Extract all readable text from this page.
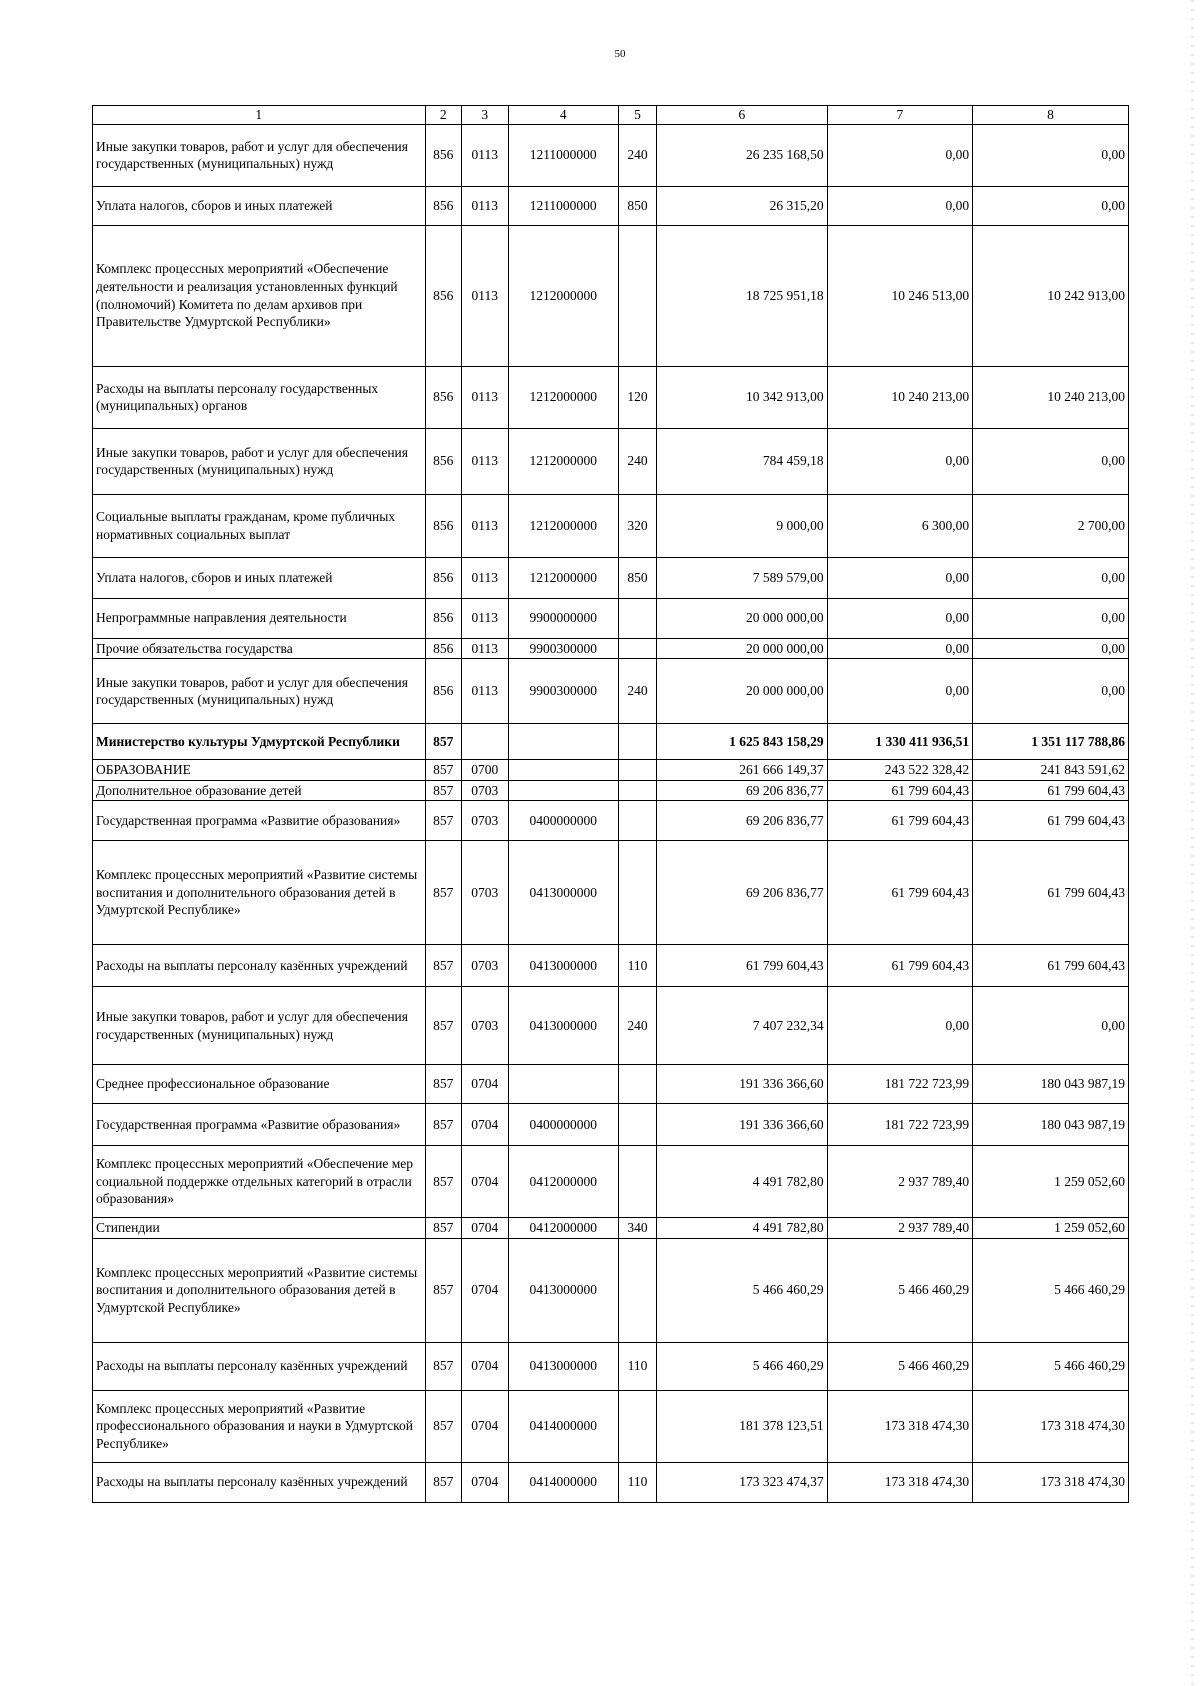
50
1	2	3	4	5	6	7	8
Иные закупки товаров, работ и услуг для обеспечения государственных (муниципальных) нужд	856	0113	1211000000	240	26 235 168,50	0,00	0,00
Уплата налогов, сборов и иных платежей	856	0113	1211000000	850	26 315,20	0,00	0,00
Комплекс процессных мероприятий «Обеспечение деятельности и реализация установленных функций (полномочий) Комитета по делам архивов при Правительстве Удмуртской Республики»	856	0113	1212000000		18 725 951,18	10 246 513,00	10 242 913,00
Расходы на выплаты персоналу государственных (муниципальных) органов	856	0113	1212000000	120	10 342 913,00	10 240 213,00	10 240 213,00
Иные закупки товаров, работ и услуг для обеспечения государственных (муниципальных) нужд	856	0113	1212000000	240	784 459,18	0,00	0,00
Социальные выплаты гражданам, кроме публичных нормативных социальных выплат	856	0113	1212000000	320	9 000,00	6 300,00	2 700,00
Уплата налогов, сборов и иных платежей	856	0113	1212000000	850	7 589 579,00	0,00	0,00
Непрограммные направления деятельности	856	0113	9900000000		20 000 000,00	0,00	0,00
Прочие обязательства государства	856	0113	9900300000		20 000 000,00	0,00	0,00
Иные закупки товаров, работ и услуг для обеспечения государственных (муниципальных) нужд	856	0113	9900300000	240	20 000 000,00	0,00	0,00
Министерство культуры Удмуртской Республики	857				1 625 843 158,29	1 330 411 936,51	1 351 117 788,86
ОБРАЗОВАНИЕ	857	0700			261 666 149,37	243 522 328,42	241 843 591,62
Дополнительное образование детей	857	0703			69 206 836,77	61 799 604,43	61 799 604,43
Государственная программа «Развитие образования»	857	0703	0400000000		69 206 836,77	61 799 604,43	61 799 604,43
Комплекс процессных мероприятий «Развитие системы воспитания и дополнительного образования детей в Удмуртской Республике»	857	0703	0413000000		69 206 836,77	61 799 604,43	61 799 604,43
Расходы на выплаты персоналу казённых учреждений	857	0703	0413000000	110	61 799 604,43	61 799 604,43	61 799 604,43
Иные закупки товаров, работ и услуг для обеспечения государственных (муниципальных) нужд	857	0703	0413000000	240	7 407 232,34	0,00	0,00
Среднее профессиональное образование	857	0704			191 336 366,60	181 722 723,99	180 043 987,19
Государственная программа «Развитие образования»	857	0704	0400000000		191 336 366,60	181 722 723,99	180 043 987,19
Комплекс процессных мероприятий «Обеспечение мер социальной поддержке отдельных категорий в отрасли образования»	857	0704	0412000000		4 491 782,80	2 937 789,40	1 259 052,60
Стипендии	857	0704	0412000000	340	4 491 782,80	2 937 789,40	1 259 052,60
Комплекс процессных мероприятий «Развитие системы воспитания и дополнительного образования детей в Удмуртской Республике»	857	0704	0413000000		5 466 460,29	5 466 460,29	5 466 460,29
Расходы на выплаты персоналу казённых учреждений	857	0704	0413000000	110	5 466 460,29	5 466 460,29	5 466 460,29
Комплекс процессных мероприятий «Развитие профессионального образования и науки в Удмуртской Республике»	857	0704	0414000000		181 378 123,51	173 318 474,30	173 318 474,30
Расходы на выплаты персоналу казённых учреждений	857	0704	0414000000	110	173 323 474,37	173 318 474,30	173 318 474,30
